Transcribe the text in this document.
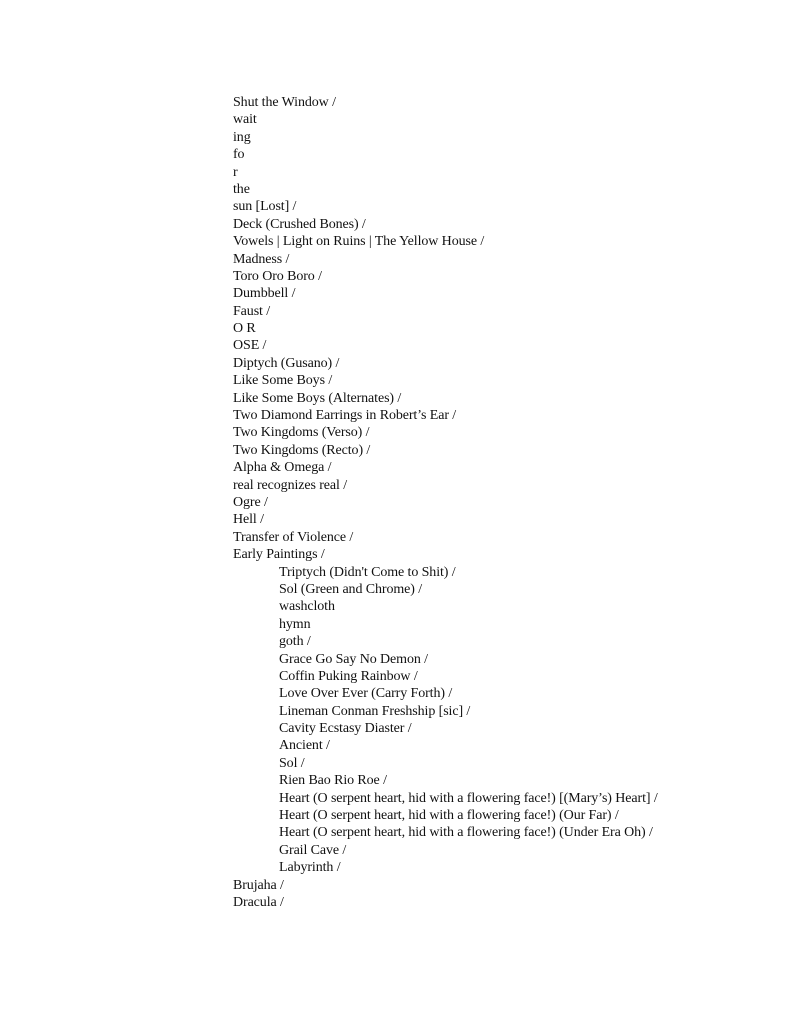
Shut the Window /
wait
ing
fo
r
the
sun [Lost] /
Deck (Crushed Bones) /
Vowels | Light on Ruins | The Yellow House /
Madness /
Toro Oro Boro /
Dumbbell /
Faust /
O R
OSE /
Diptych (Gusano) /
Like Some Boys /
Like Some Boys (Alternates) /
Two Diamond Earrings in Robert’s Ear /
Two Kingdoms (Verso) /
Two Kingdoms (Recto) /
Alpha & Omega /
real recognizes real /
Ogre /
Hell /
Transfer of Violence /
Early Paintings /
Triptych (Didn't Come to Shit) /
Sol (Green and Chrome) /
washcloth
hymn
goth /
Grace Go Say No Demon /
Coffin Puking Rainbow /
Love Over Ever (Carry Forth) /
Lineman Conman Freshship [sic] /
Cavity Ecstasy Diaster /
Ancient /
Sol /
Rien Bao Rio Roe /
Heart (O serpent heart, hid with a flowering face!) [(Mary’s) Heart] /
Heart (O serpent heart, hid with a flowering face!) (Our Far) /
Heart (O serpent heart, hid with a flowering face!) (Under Era Oh) /
Grail Cave /
Labyrinth /
Brujaha /
Dracula /
